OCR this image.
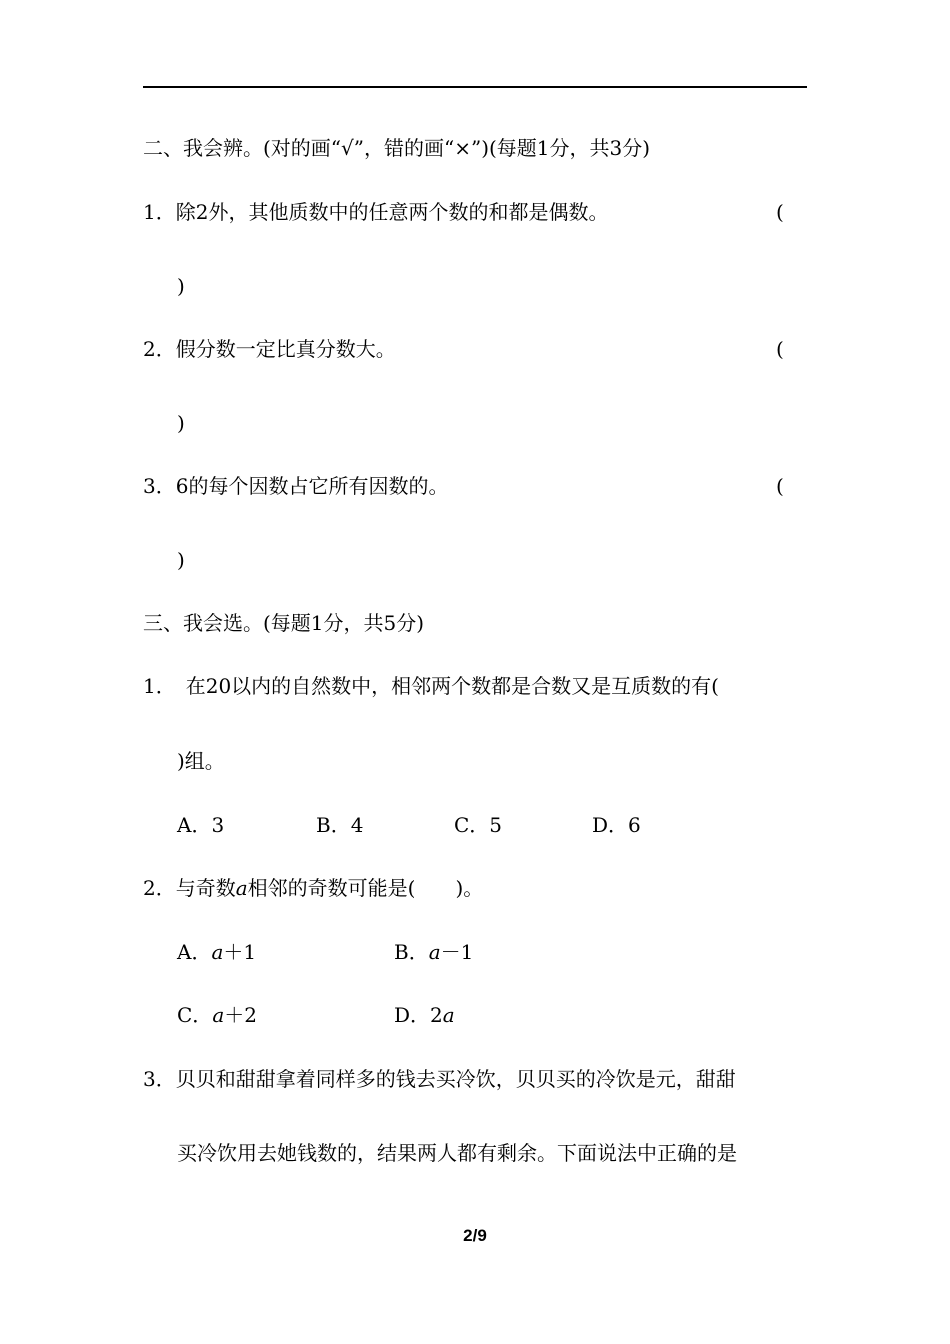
二、我会辨。(对的画“√”，错的画“×”)(每题1分，共3分)
1．除2外，其他质数中的任意两个数的和都是偶数。	(
)
2．假分数一定比真分数大。	(
)
3．6的每个因数占它所有因数的。	(
)
三、我会选。(每题1分，共5分)
1．　在20以内的自然数中，相邻两个数都是合数又是互质数的有(
)组。
A．3	B．4	C．5	D．6
2．与奇数a相邻的奇数可能是(　　)。
A．a＋1	B．a－1
C．a＋2	D．2a
3．贝贝和甜甜拿着同样多的钱去买冷饮，贝贝买的冷饮是元，甜甜
买冷饮用去她钱数的，结果两人都有剩余。下面说法中正确的是
2/9
